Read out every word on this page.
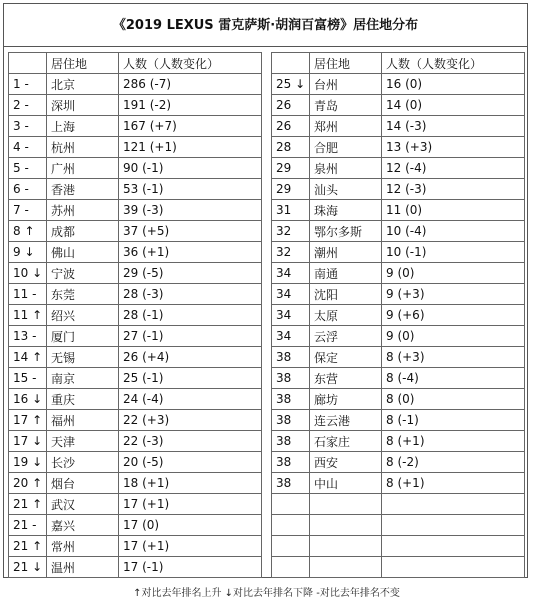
《2019 LEXUS 雷克萨斯·胡润百富榜》居住地分布
	居住地	人数（人数变化）
1 -	北京	286 (-7)
2 -	深圳	191 (-2)
3 -	上海	167 (+7)
4 -	杭州	121 (+1)
5 -	广州	90 (-1)
6 -	香港	53 (-1)
7 -	苏州	39 (-3)
8 ↑	成都	37 (+5)
9 ↓	佛山	36 (+1)
10 ↓	宁波	29 (-5)
11 -	东莞	28 (-3)
11 ↑	绍兴	28 (-1)
13 -	厦门	27 (-1)
14 ↑	无锡	26 (+4)
15 -	南京	25 (-1)
16 ↓	重庆	24 (-4)
17 ↑	福州	22 (+3)
17 ↓	天津	22 (-3)
19 ↓	长沙	20 (-5)
20 ↑	烟台	18 (+1)
21 ↑	武汉	17 (+1)
21 -	嘉兴	17 (0)
21 ↑	常州	17 (+1)
21 ↓	温州	17 (-1)
	居住地	人数（人数变化）
25 ↓	台州	16 (0)
26	青岛	14 (0)
26	郑州	14 (-3)
28	合肥	13 (+3)
29	泉州	12 (-4)
29	汕头	12 (-3)
31	珠海	11 (0)
32	鄂尔多斯	10 (-4)
32	潮州	10 (-1)
34	南通	9 (0)
34	沈阳	9 (+3)
34	太原	9 (+6)
34	云浮	9 (0)
38	保定	8 (+3)
38	东营	8 (-4)
38	廊坊	8 (0)
38	连云港	8 (-1)
38	石家庄	8 (+1)
38	西安	8 (-2)
38	中山	8 (+1)

↑对比去年排名上升 ↓对比去年排名下降 -对比去年排名不变
